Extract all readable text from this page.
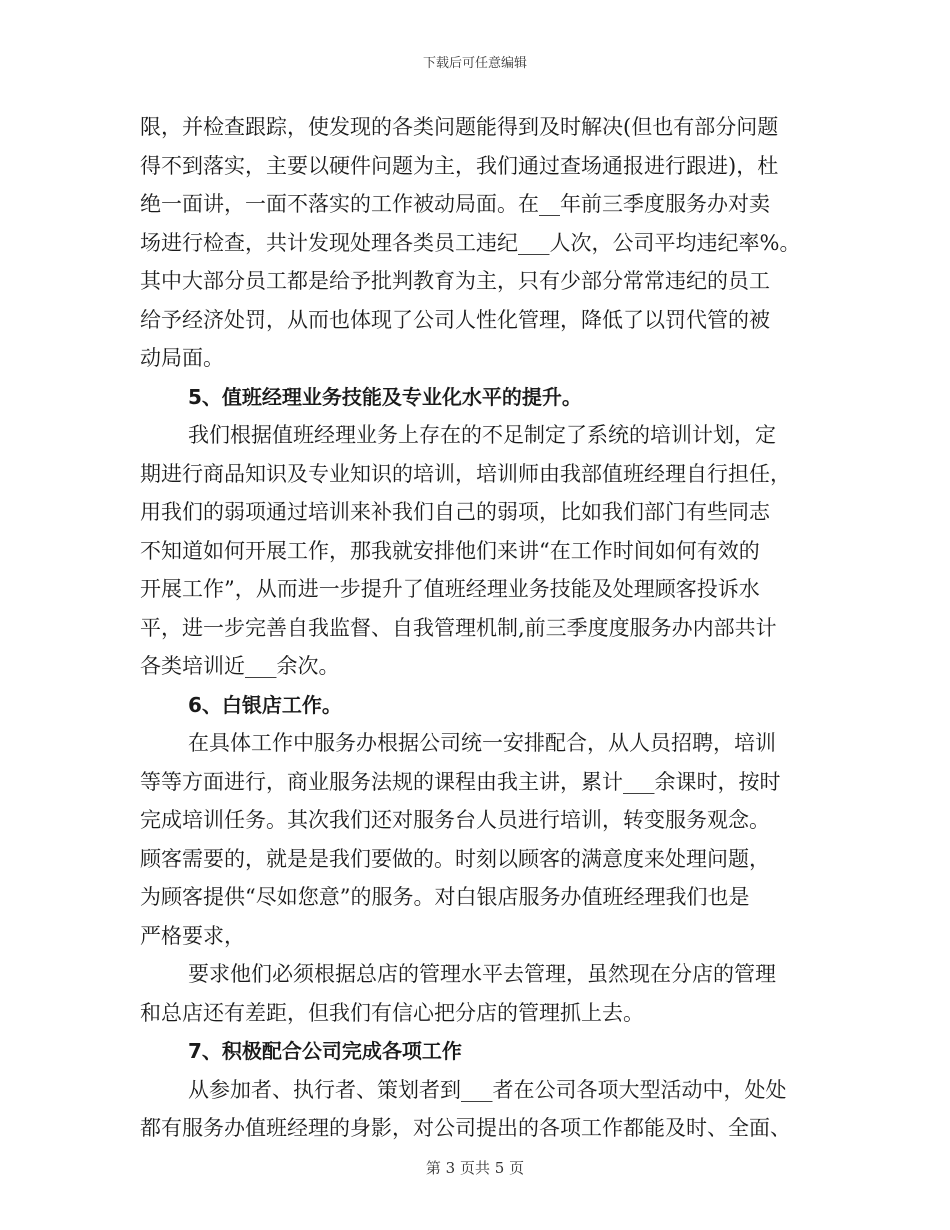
下载后可任意编辑

限，并检查跟踪，使发现的各类问题能得到及时解决(但也有部分问题
得不到落实，主要以硬件问题为主，我们通过查场通报进行跟进)，杜
绝一面讲，一面不落实的工作被动局面。在__年前三季度服务办对卖
场进行检查，共计发现处理各类员工违纪___人次，公司平均违纪率%。
其中大部分员工都是给予批判教育为主，只有少部分常常违纪的员工
给予经济处罚，从而也体现了公司人性化管理，降低了以罚代管的被
动局面。

5、值班经理业务技能及专业化水平的提升。

我们根据值班经理业务上存在的不足制定了系统的培训计划，定
期进行商品知识及专业知识的培训，培训师由我部值班经理自行担任，
用我们的弱项通过培训来补我们自己的弱项，比如我们部门有些同志
不知道如何开展工作，那我就安排他们来讲“在工作时间如何有效的
开展工作”，从而进一步提升了值班经理业务技能及处理顾客投诉水
平，进一步完善自我监督、自我管理机制,前三季度度服务办内部共计
各类培训近___余次。

6、白银店工作。

在具体工作中服务办根据公司统一安排配合，从人员招聘，培训
等等方面进行，商业服务法规的课程由我主讲，累计___余课时，按时
完成培训任务。其次我们还对服务台人员进行培训，转变服务观念。
顾客需要的，就是是我们要做的。时刻以顾客的满意度来处理问题，
为顾客提供“尽如您意”的服务。对白银店服务办值班经理我们也是
严格要求，

要求他们必须根据总店的管理水平去管理，虽然现在分店的管理
和总店还有差距，但我们有信心把分店的管理抓上去。

7、积极配合公司完成各项工作

从参加者、执行者、策划者到___者在公司各项大型活动中，处处
都有服务办值班经理的身影，对公司提出的各项工作都能及时、全面、

第 3 页共 5 页
